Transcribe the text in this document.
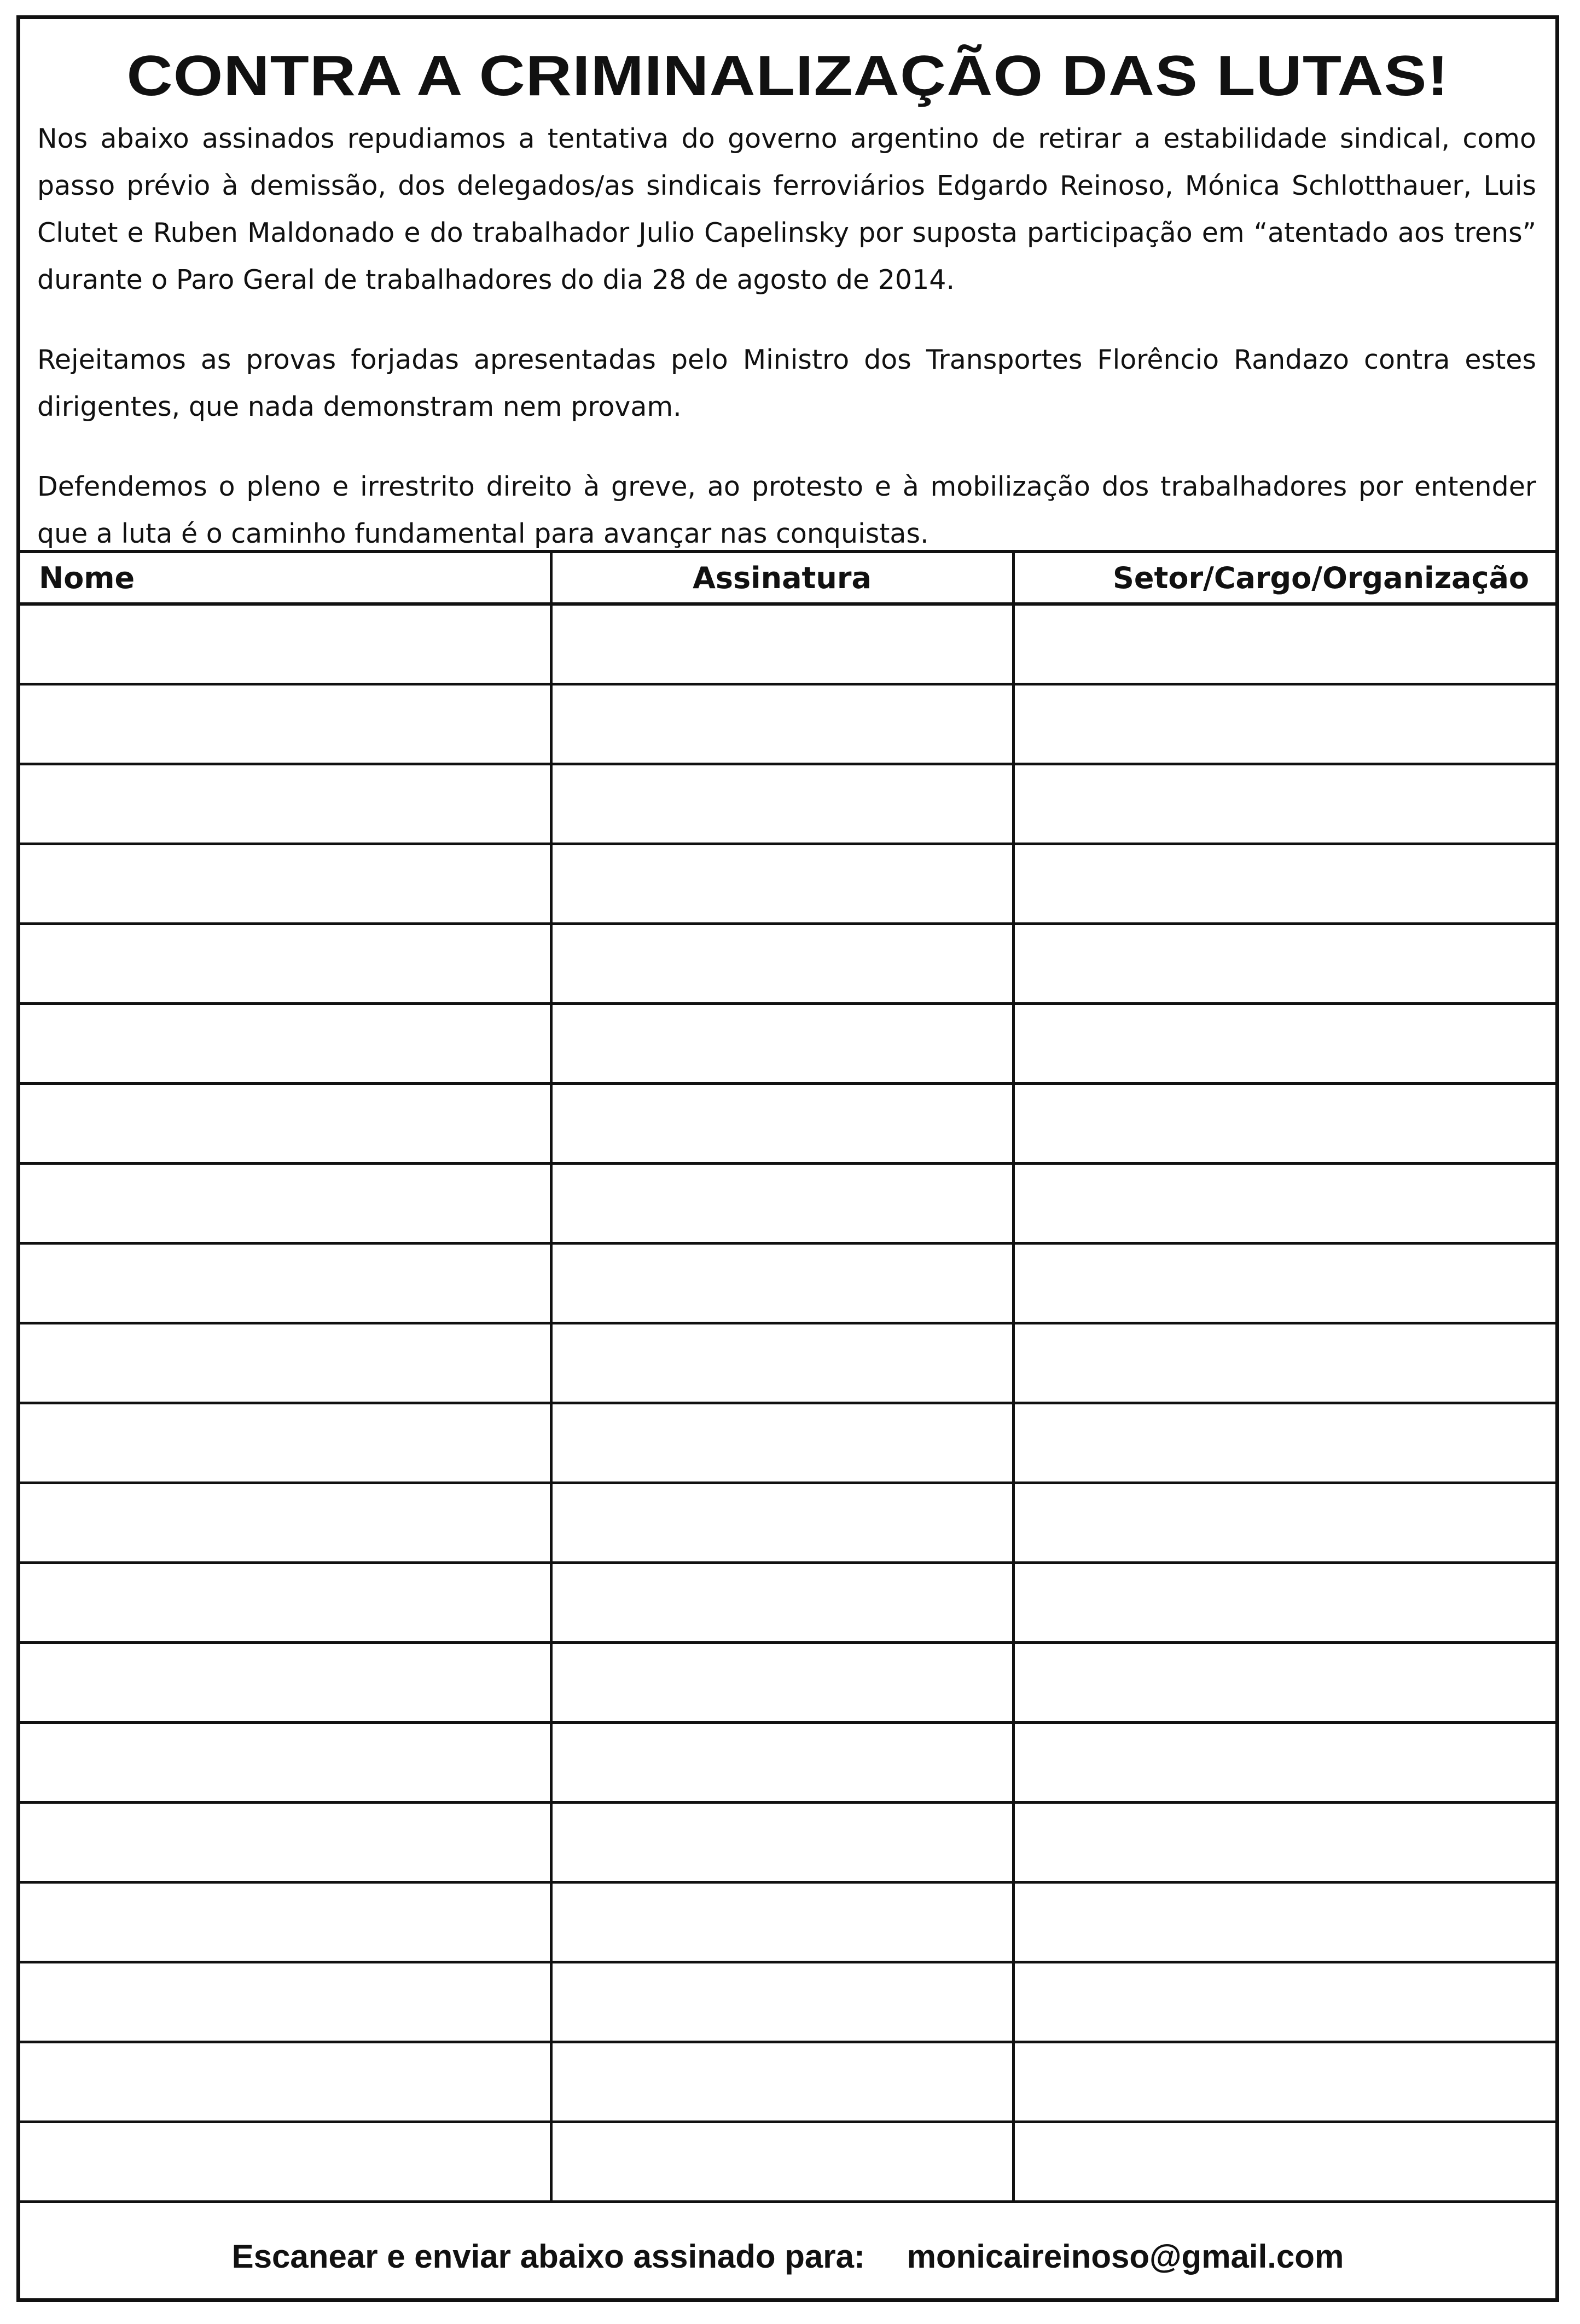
CONTRA A CRIMINALIZAÇÃO DAS LUTAS!

Nos abaixo assinados repudiamos a tentativa do governo argentino de retirar a estabilidade sindical, como passo prévio à demissão, dos delegados/as sindicais ferroviários Edgardo Reinoso, Mónica Schlotthauer, Luis Clutet e Ruben Maldonado e do trabalhador Julio Capelinsky por suposta participação em “atentado aos trens” durante o Paro Geral de trabalhadores do dia 28 de agosto de 2014.

Rejeitamos as provas forjadas apresentadas pelo Ministro dos Transportes Florêncio Randazo contra estes dirigentes, que nada demonstram nem provam.

Defendemos o pleno e irrestrito direito à greve, ao protesto e à mobilização dos trabalhadores por entender que a luta é o caminho fundamental para avançar nas conquistas.

Nome	Assinatura	Setor/Cargo/Organização

Escanear e enviar abaixo assinado para: monicaireinoso@gmail.com
